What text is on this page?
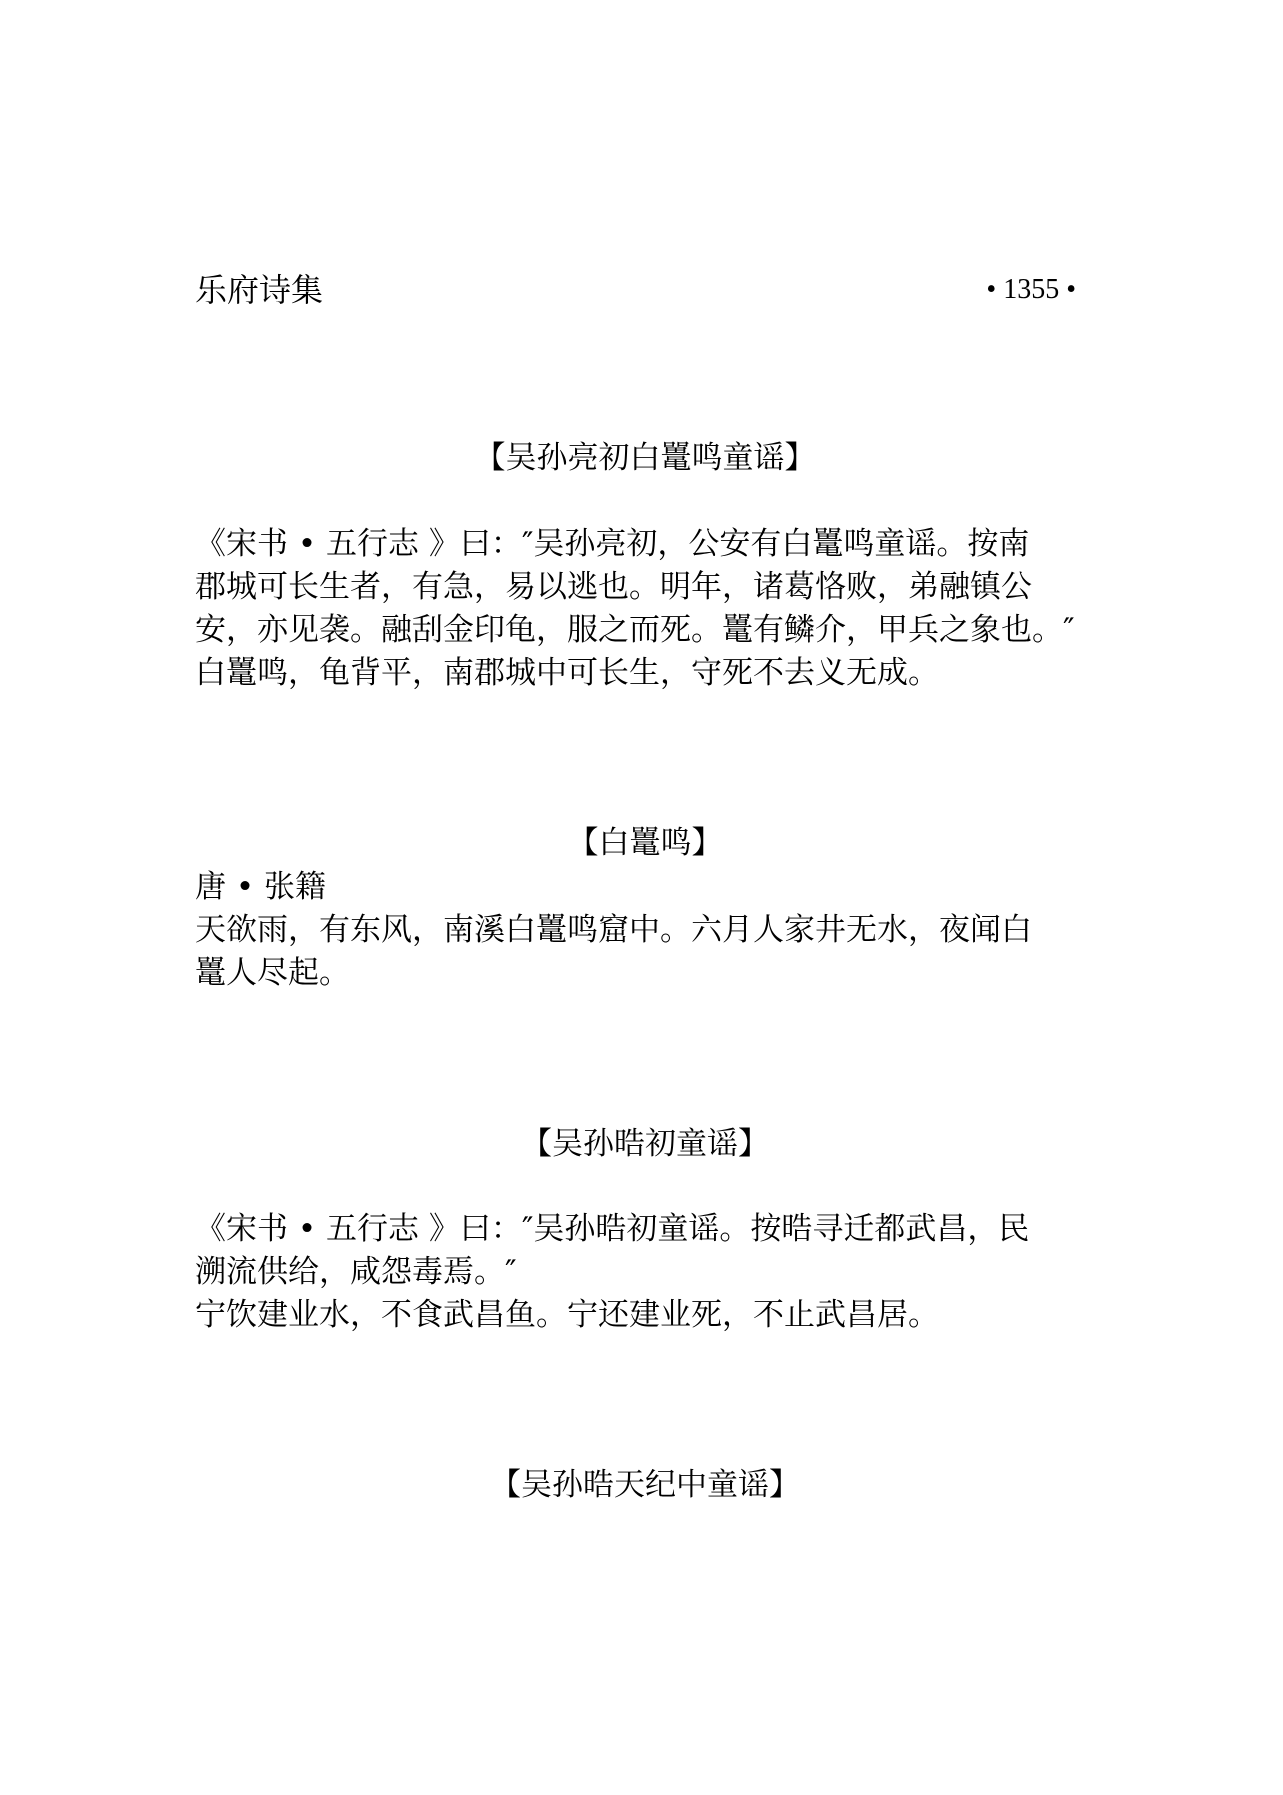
乐府诗集	• 1355 •
【吴孙亮初白鼍鸣童谣】
《宋书 • 五行志 》曰：″吴孙亮初，公安有白鼍鸣童谣。按南
郡城可长生者，有急，易以逃也。明年，诸葛恪败，弟融镇公
安，亦见袭。融刮金印龟，服之而死。鼍有鳞介，甲兵之象也。″
白鼍鸣，龟背平，南郡城中可长生，守死不去义无成。
【白鼍鸣】
唐 • 张籍
天欲雨，有东风，南溪白鼍鸣窟中。六月人家井无水，夜闻白
鼍人尽起。
【吴孙晧初童谣】
《宋书 • 五行志 》曰：″吴孙晧初童谣。按晧寻迁都武昌，民
溯流供给，咸怨毒焉。″
宁饮建业水，不食武昌鱼。宁还建业死，不止武昌居。
【吴孙晧天纪中童谣】
